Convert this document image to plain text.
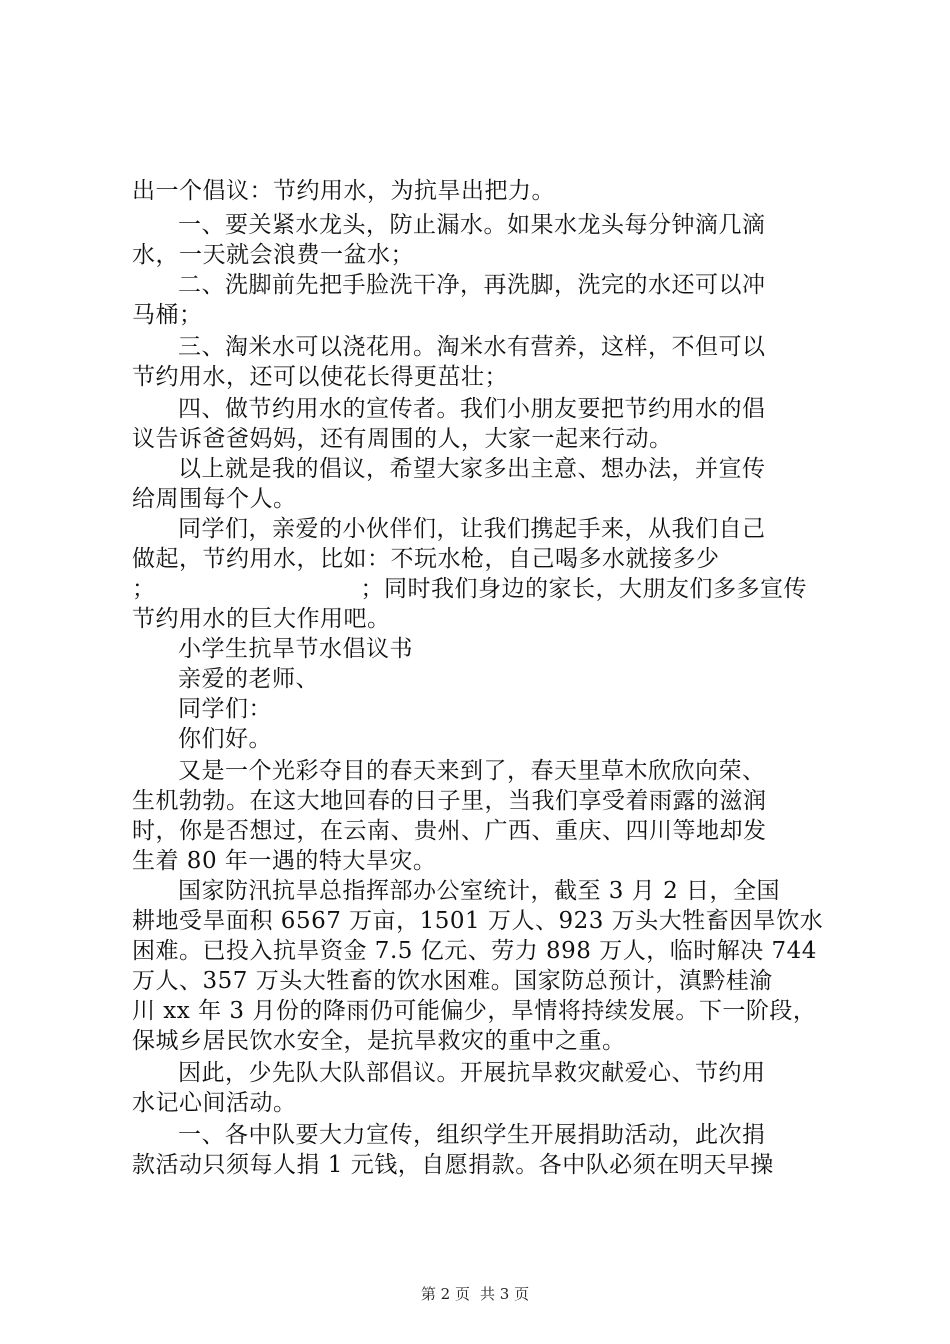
出一个倡议：节约用水，为抗旱出把力。
一、要关紧水龙头，防止漏水。如果水龙头每分钟滴几滴
水，一天就会浪费一盆水；
二、洗脚前先把手脸洗干净，再洗脚，洗完的水还可以冲
马桶；
三、淘米水可以浇花用。淘米水有营养，这样，不但可以
节约用水，还可以使花长得更茁壮；
四、做节约用水的宣传者。我们小朋友要把节约用水的倡
议告诉爸爸妈妈，还有周围的人，大家一起来行动。
以上就是我的倡议，希望大家多出主意、想办法，并宣传
给周围每个人。
同学们，亲爱的小伙伴们，让我们携起手来，从我们自己
做起，节约用水，比如：不玩水枪，自己喝多水就接多少
；	；同时我们身边的家长，大朋友们多多宣传
节约用水的巨大作用吧。
小学生抗旱节水倡议书
亲爱的老师、
同学们：
你们好。
又是一个光彩夺目的春天来到了，春天里草木欣欣向荣、
生机勃勃。在这大地回春的日子里，当我们享受着雨露的滋润
时，你是否想过，在云南、贵州、广西、重庆、四川等地却发
生着 80 年一遇的特大旱灾。
国家防汛抗旱总指挥部办公室统计，截至 3 月 2 日，全国
耕地受旱面积 6567 万亩，1501 万人、923 万头大牲畜因旱饮水
困难。已投入抗旱资金 7.5 亿元、劳力 898 万人，临时解决 744
万人、357 万头大牲畜的饮水困难。国家防总预计，滇黔桂渝
川 xx 年 3 月份的降雨仍可能偏少，旱情将持续发展。下一阶段，
保城乡居民饮水安全，是抗旱救灾的重中之重。
因此，少先队大队部倡议。开展抗旱救灾献爱心、节约用
水记心间活动。
一、各中队要大力宣传，组织学生开展捐助活动，此次捐
款活动只须每人捐 1 元钱，自愿捐款。各中队必须在明天早操
第 2 页 共 3 页
